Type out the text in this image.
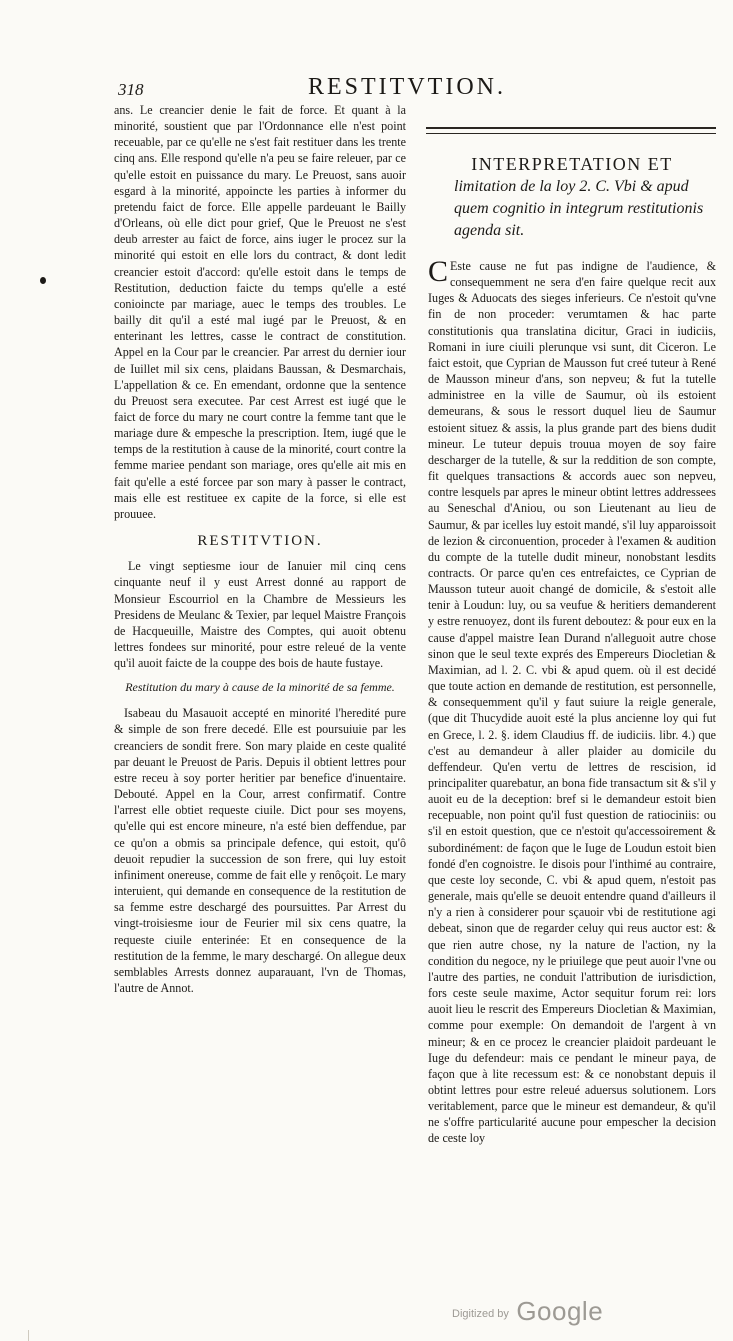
318	RESTITVTION.

ans. Le creancier denie le fait de force. Et quant à la minorité, soustient que par l'Ordonnance elle n'est point receuable, par ce qu'elle ne s'est fait restituer dans les trente cinq ans. Elle respond qu'elle n'a peu se faire releuer, par ce qu'elle estoit en puissance du mary. Le Preuost, sans auoir esgard à la minorité, appoincte les parties à informer du pretendu faict de force. Elle appelle pardeuant le Bailly d'Orleans, où elle dict pour grief, Que le Preuost ne s'est deub arrester au faict de force, ains iuger le procez sur la minorité qui estoit en elle lors du contract, & dont ledit creancier estoit d'accord: qu'elle estoit dans le temps de Restitution, deduction faicte du temps qu'elle a esté conioincte par mariage, auec le temps des troubles. Le bailly dit qu'il a esté mal iugé par le Preuost, & en enterinant les lettres, casse le contract de constitution. Appel en la Cour par le creancier. Par arrest du dernier iour de Iuillet mil six cens, plaidans Baussan, & Desmarchais, L'appellation & ce. En emendant, ordonne que la sentence du Preuost sera executee. Par cest Arrest est iugé que le faict de force du mary ne court contre la femme tant que le mariage dure & empesche la prescription. Item, iugé que le temps de la restitution à cause de la minorité, court contre la femme mariee pendant son mariage, ores qu'elle ait mis en fait qu'elle a esté forcee par son mary à passer le contract, mais elle est restituee ex capite de la force, si elle est prouuee.

RESTITVTION.

Le vingt septiesme iour de Ianuier mil cinq cens cinquante neuf il y eust Arrest donné au rapport de Monsieur Escourriol en la Chambre de Messieurs les Presidens de Meulanc & Texier, par lequel Maistre François de Hacqueuille, Maistre des Comptes, qui auoit obtenu lettres fondees sur minorité, pour estre releué de la vente qu'il auoit faicte de la couppe des bois de haute fustaye.

Restitution du mary à cause de la minorité de sa femme.

Isabeau du Masauoit accepté en minorité l'heredité pure & simple de son frere decedé. Elle est poursuiuie par les creanciers de sondit frere. Son mary plaide en ceste qualité par deuant le Preuost de Paris. Depuis il obtient lettres pour estre receu à soy porter heritier par benefice d'inuentaire. Debouté. Appel en la Cour, arrest confirmatif. Contre l'arrest elle obtiet requeste ciuile. Dict pour ses moyens, qu'elle qui est encore mineure, n'a esté bien deffendue, par ce qu'on a obmis sa principale defence, qui estoit, qu'ô deuoit repudier la succession de son frere, qui luy estoit infiniment onereuse, comme de fait elle y renôçoit. Le mary interuient, qui demande en consequence de la restitution de sa femme estre deschargé des poursuittes. Par Arrest du vingt-troisiesme iour de Feurier mil six cens quatre, la requeste ciuile enterinée: Et en consequence de la restitution de la femme, le mary deschargé. On allegue deux semblables Arrests donnez auparauant, l'vn de Thomas, l'autre de Annot.

INTERPRETATION ET
limitation de la loy 2. C. Vbi & apud quem cognitio in integrum restitutionis agenda sit.

CEste cause ne fut pas indigne de l'audience, & consequemment ne sera d'en faire quelque recit aux Iuges & Aduocats des sieges inferieurs. Ce n'estoit qu'vne fin de non proceder: verumtamen & hac parte constitutionis qua translatina dicitur, Graci in iudiciis, Romani in iure ciuili plerunque vsi sunt, dit Ciceron. Le faict estoit, que Cyprian de Mausson fut creé tuteur à René de Mausson mineur d'ans, son nepveu; & fut la tutelle administree en la ville de Saumur, où ils estoient demeurans, & sous le ressort duquel lieu de Saumur estoient situez & assis, la plus grande part des biens dudit mineur. Le tuteur depuis trouua moyen de soy faire descharger de la tutelle, & sur la reddition de son compte, fit quelques transactions & accords auec son nepveu, contre lesquels par apres le mineur obtint lettres addressees au Seneschal d'Aniou, ou son Lieutenant au lieu de Saumur, & par icelles luy estoit mandé, s'il luy apparoissoit de lezion & circonuention, proceder à l'examen & audition du compte de la tutelle dudit mineur, nonobstant lesdits contracts. Or parce qu'en ces entrefaictes, ce Cyprian de Mausson tuteur auoit changé de domicile, & s'estoit alle tenir à Loudun: luy, ou sa veufue & heritiers demanderent y estre renuoyez, dont ils furent deboutez: & pour eux en la cause d'appel maistre Iean Durand n'alleguoit autre chose sinon que le seul texte exprés des Empereurs Diocletian & Maximian, ad l. 2. C. vbi & apud quem. où il est decidé que toute action en demande de restitution, est personnelle, & consequemment qu'il y faut suiure la reigle generale, (que dit Thucydide auoit esté la plus ancienne loy qui fut en Grece, l. 2. §. idem Claudius ff. de iudiciis. libr. 4.) que c'est au demandeur à aller plaider au domicile du deffendeur. Qu'en vertu de lettres de rescision, id principaliter quarebatur, an bona fide transactum sit & s'il y auoit eu de la deception: bref si le demandeur estoit bien recepuable, non point qu'il fust question de ratiociniis: ou s'il en estoit question, que ce n'estoit qu'accessoirement & subordinément: de façon que le Iuge de Loudun estoit bien fondé d'en cognoistre. Ie disois pour l'inthimé au contraire, que ceste loy seconde, C. vbi & apud quem, n'estoit pas generale, mais qu'elle se deuoit entendre quand d'ailleurs il n'y a rien à considerer pour sçauoir vbi de restitutione agi debeat, sinon que de regarder celuy qui reus auctor est: & que rien autre chose, ny la nature de l'action, ny la condition du negoce, ny le priuilege que peut auoir l'vne ou l'autre des parties, ne conduit l'attribution de iurisdiction, fors ceste seule maxime, Actor sequitur forum rei: lors auoit lieu le rescrit des Empereurs Diocletian & Maximian, comme pour exemple: On demandoit de l'argent à vn mineur; & en ce procez le creancier plaidoit pardeuant le Iuge du defendeur: mais ce pendant le mineur paya, de façon que à lite recessum est: & ce nonobstant depuis il obtint lettres pour estre releué aduersus solutionem. Lors veritablement, parce que le mineur est demandeur, & qu'il ne s'offre particularité aucune pour empescher la decision de ceste loy

Digitized by Google
